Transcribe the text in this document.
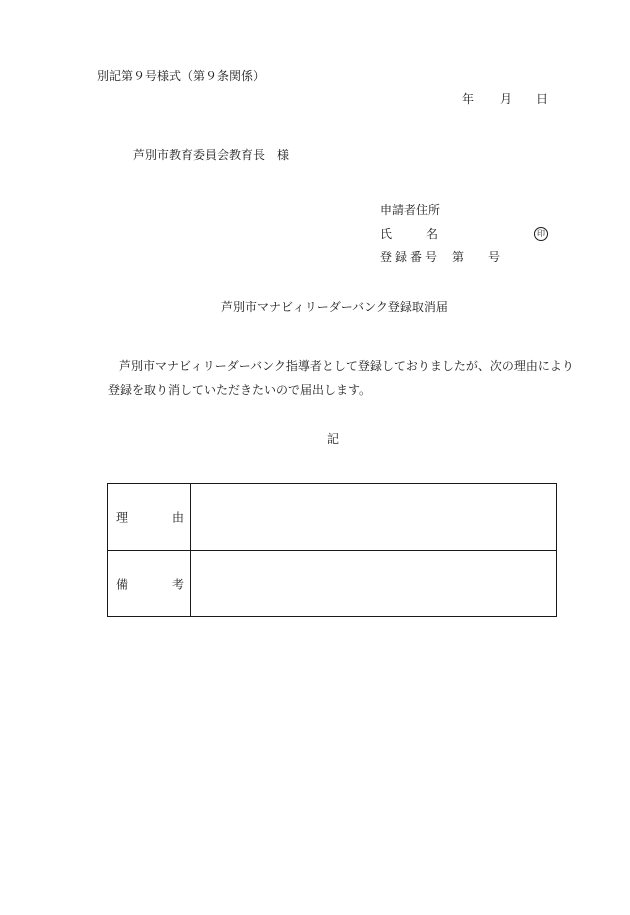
別記第９号様式（第９条関係）
年	月	日
芦別市教育委員会教育長　様
申請者住所
氏	名	印
登録番号 第 号
芦別市マナビィリーダーバンク登録取消届
芦別市マナビィリーダーバンク指導者として登録しておりましたが、次の理由により
登録を取り消していただきたいので届出します。
記
理	由
備	考
